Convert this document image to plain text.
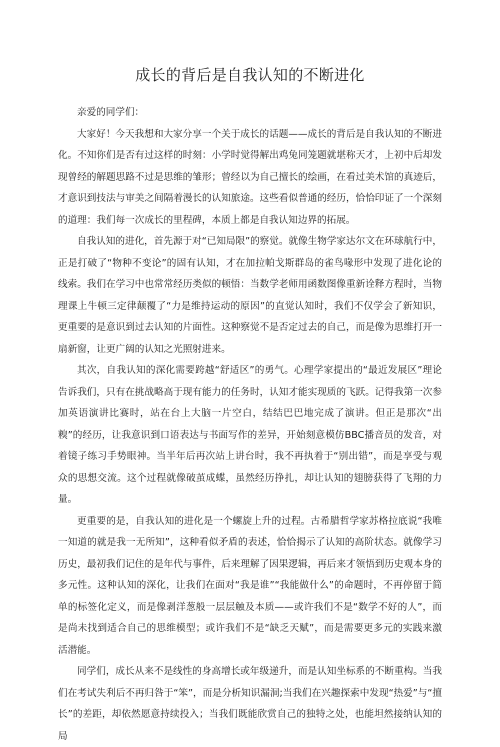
成长的背后是自我认知的不断进化

亲爱的同学们：

大家好！今天我想和大家分享一个关于成长的话题——成长的背后是自我认知的不断进化。不知你们是否有过这样的时刻：小学时觉得解出鸡兔同笼题就堪称天才，上初中后却发现曾经的解题思路不过是思维的雏形；曾经以为自己擅长的绘画，在看过美术馆的真迹后，才意识到技法与审美之间隔着漫长的认知旅途。这些看似普通的经历，恰恰印证了一个深刻的道理：我们每一次成长的里程碑，本质上都是自我认知边界的拓展。

自我认知的进化，首先源于对“已知局限”的察觉。就像生物学家达尔文在环球航行中，正是打破了“物种不变论”的固有认知，才在加拉帕戈斯群岛的雀鸟喙形中发现了进化论的线索。我们在学习中也常常经历类似的顿悟：当数学老师用函数图像重新诠释方程时，当物理课上牛顿三定律颠覆了“力是维持运动的原因”的直觉认知时，我们不仅学会了新知识，更重要的是意识到过去认知的片面性。这种察觉不是否定过去的自己，而是像为思维打开一扇新窗，让更广阔的认知之光照射进来。

其次，自我认知的深化需要跨越“舒适区”的勇气。心理学家提出的“最近发展区”理论告诉我们，只有在挑战略高于现有能力的任务时，认知才能实现质的飞跃。记得我第一次参加英语演讲比赛时，站在台上大脑一片空白，结结巴巴地完成了演讲。但正是那次“出糗”的经历，让我意识到口语表达与书面写作的差异，开始刻意模仿BBC播音员的发音，对着镜子练习手势眼神。当半年后再次站上讲台时，我不再执着于“别出错”，而是享受与观众的思想交流。这个过程就像破茧成蝶，虽然经历挣扎，却让认知的翅膀获得了飞翔的力量。

更重要的是，自我认知的进化是一个螺旋上升的过程。古希腊哲学家苏格拉底说“我唯一知道的就是我一无所知”，这种看似矛盾的表述，恰恰揭示了认知的高阶状态。就像学习历史，最初我们记住的是年代与事件，后来理解了因果逻辑，再后来才领悟到历史观本身的多元性。这种认知的深化，让我们在面对“我是谁”“我能做什么”的命题时，不再停留于简单的标签化定义，而是像剥洋葱般一层层触及本质——或许我们不是“数学不好的人”，而是尚未找到适合自己的思维模型；或许我们不是“缺乏天赋”，而是需要更多元的实践来激活潜能。

同学们，成长从来不是线性的身高增长或年级递升，而是认知坐标系的不断重构。当我们在考试失利后不再归咎于“笨”，而是分析知识漏洞;当我们在兴趣探索中发现“热爱”与“擅长”的差距，却依然愿意持续投入；当我们既能欣赏自己的独特之处，也能坦然接纳认知的局
